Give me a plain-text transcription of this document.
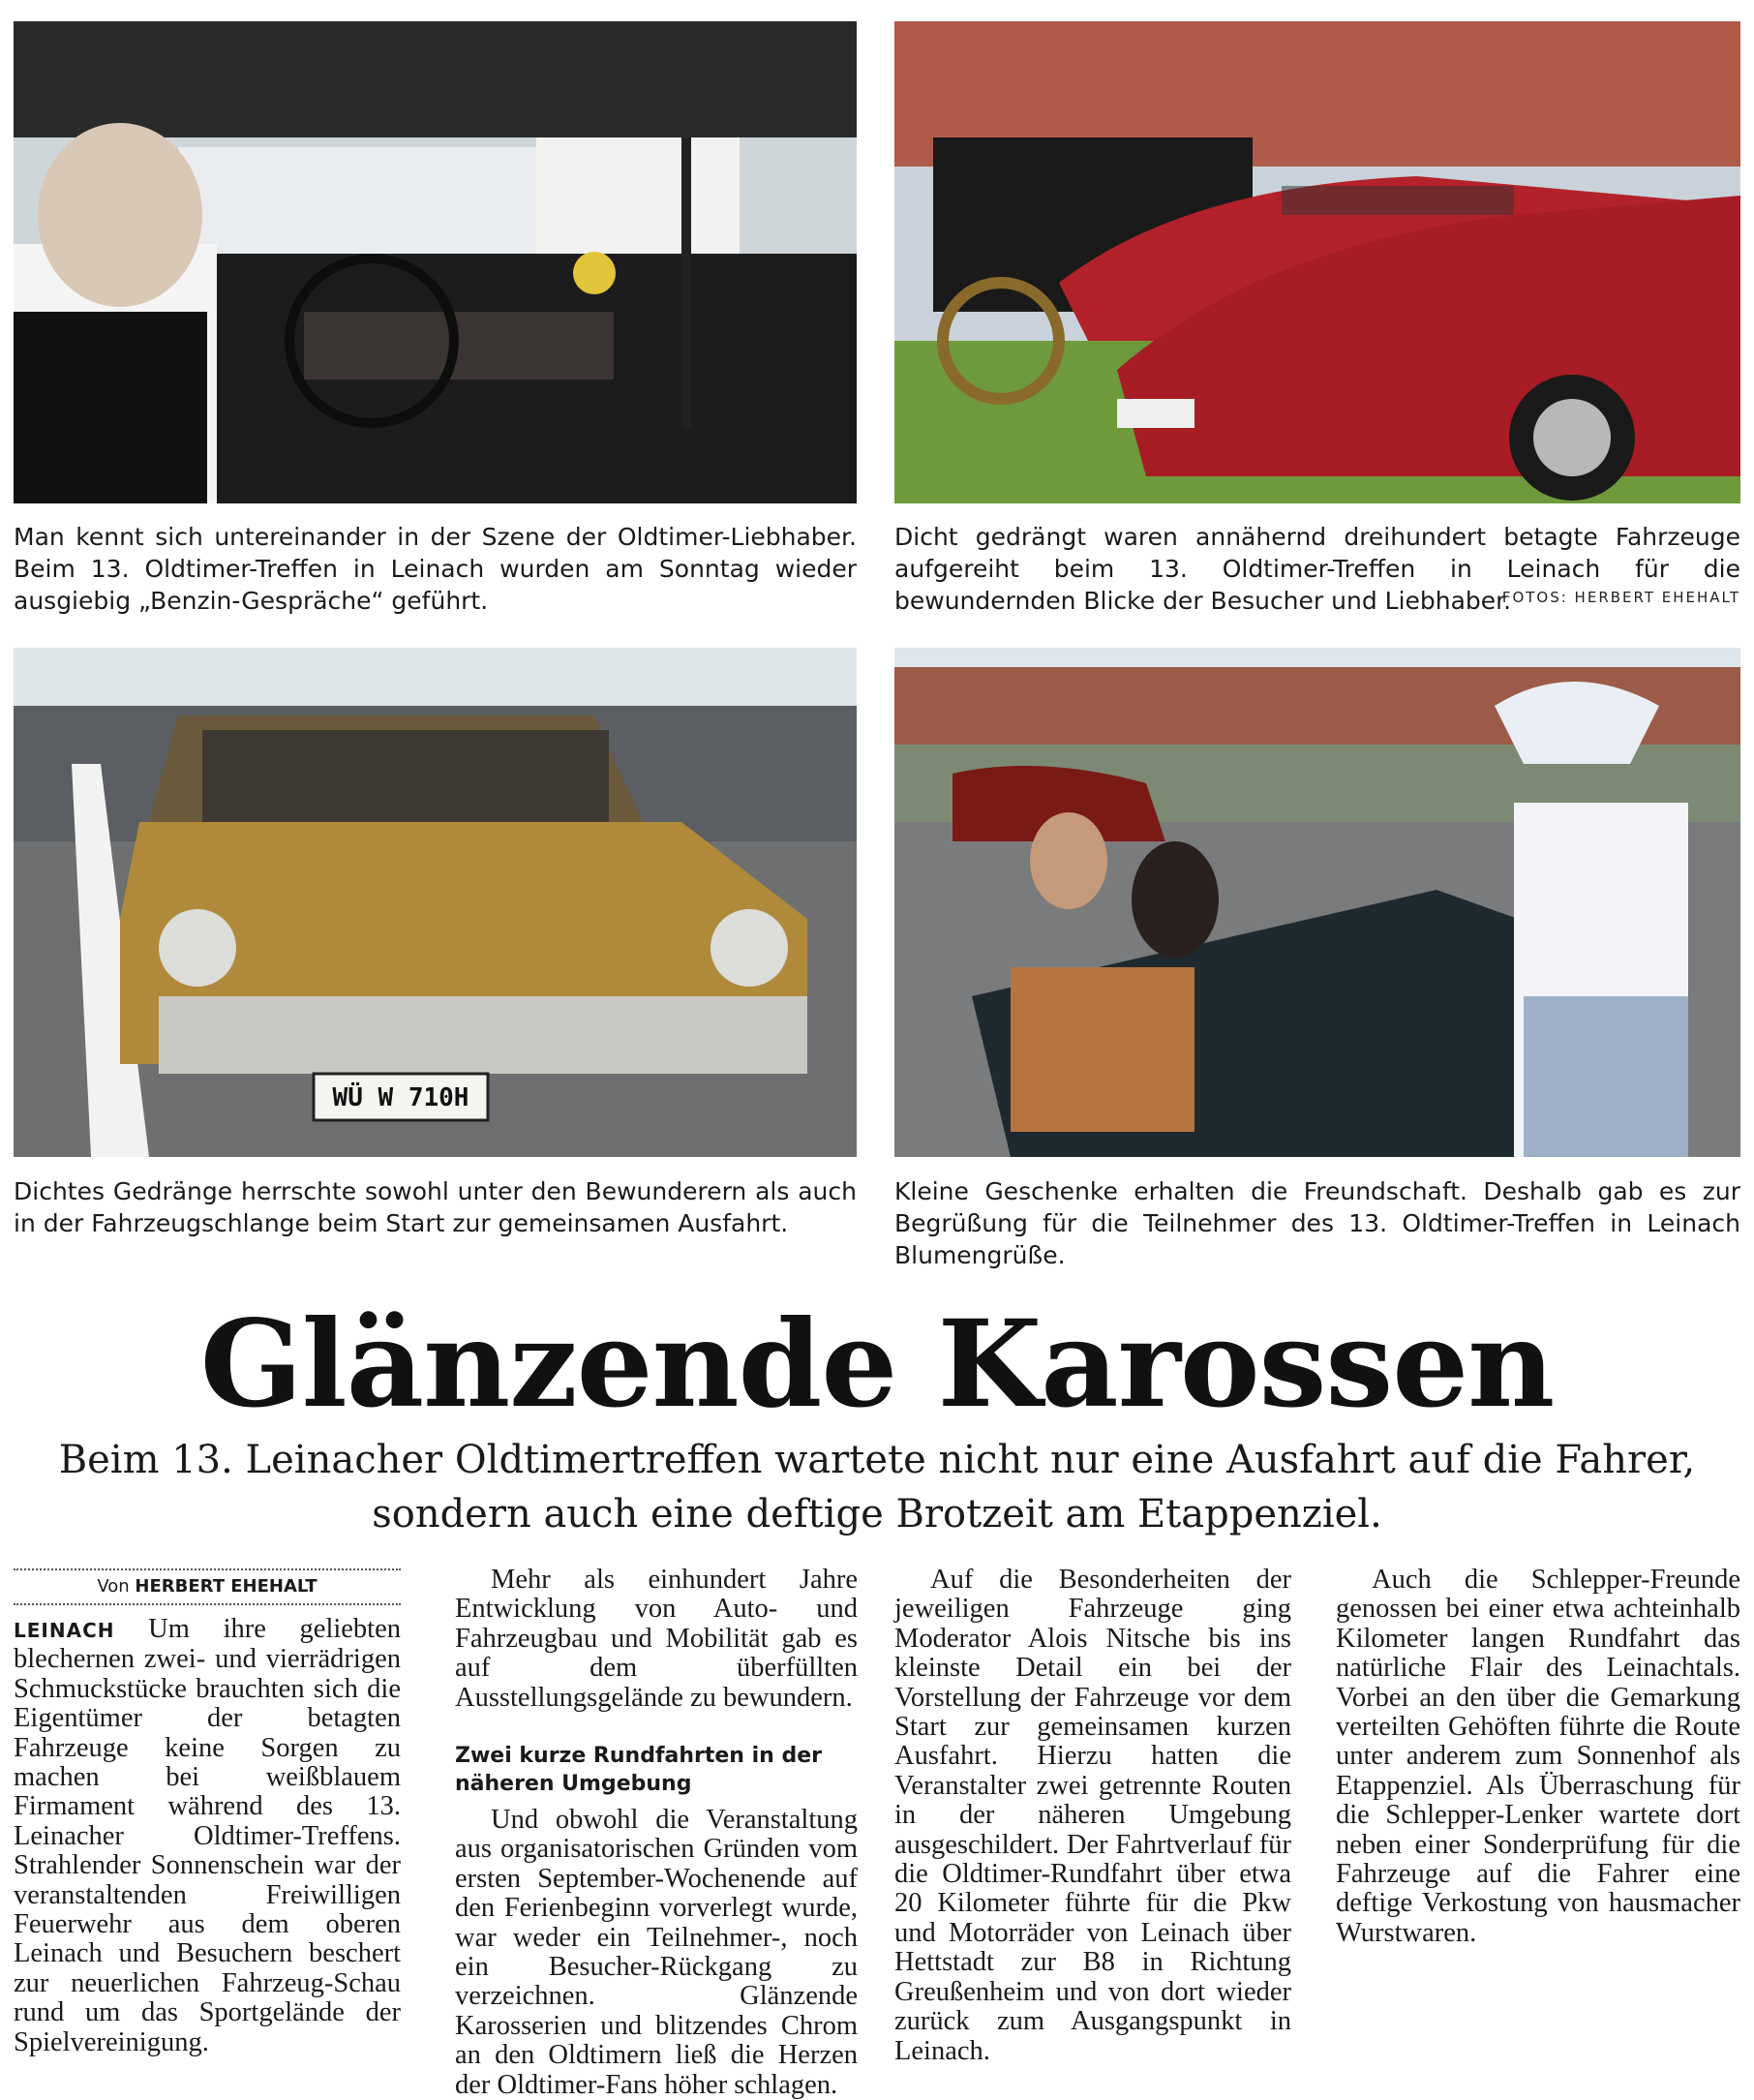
Man kennt sich untereinander in der Szene der Oldtimer-Liebhaber. Beim 13. Oldtimer-Treffen in Leinach wurden am Sonntag wieder ausgiebig „Benzin-Gespräche“ geführt.
Dicht gedrängt waren annähernd dreihundert betagte Fahrzeuge aufgereiht beim 13. Oldtimer-Treffen in Leinach für die bewundernden Blicke der Besucher und Liebhaber.
FOTOS: HERBERT EHEHALT
WÜ W 710H
Dichtes Gedränge herrschte sowohl unter den Bewunderern als auch in der Fahrzeugschlange beim Start zur gemeinsamen Ausfahrt.
Kleine Geschenke erhalten die Freundschaft. Deshalb gab es zur Begrüßung für die Teilnehmer des 13. Oldtimer-Treffen in Leinach Blumengrüße.
Glänzende Karossen
Beim 13. Leinacher Oldtimertreffen wartete nicht nur eine Ausfahrt auf die Fahrer, sondern auch eine deftige Brotzeit am Etappenziel.
Von HERBERT EHEHALT

LEINACH Um ihre geliebten blechernen zwei- und vierrädrigen Schmuckstücke brauchten sich die Eigentümer der betagten Fahrzeuge keine Sorgen zu machen bei weißblauem Firmament während des 13. Leinacher Oldtimer-Treffens. Strahlender Sonnenschein war der veranstaltenden Freiwilligen Feuerwehr aus dem oberen Leinach und Besuchern beschert zur neuerlichen Fahrzeug-Schau rund um das Sportgelände der Spielvereinigung.

Mehr als einhundert Jahre Entwicklung von Auto- und Fahrzeugbau und Mobilität gab es auf dem überfüllten Ausstellungsgelände zu bewundern.

Zwei kurze Rundfahrten in der näheren Umgebung

Und obwohl die Veranstaltung aus organisatorischen Gründen vom ersten September-Wochenende auf den Ferienbeginn vorverlegt wurde, war weder ein Teilnehmer-, noch ein Besucher-Rückgang zu verzeichnen. Glänzende Karosserien und blitzendes Chrom an den Oldtimern ließ die Herzen der Oldtimer-Fans höher schlagen.

Auf die Besonderheiten der jeweiligen Fahrzeuge ging Moderator Alois Nitsche bis ins kleinste Detail ein bei der Vorstellung der Fahrzeuge vor dem Start zur gemeinsamen kurzen Ausfahrt. Hierzu hatten die Veranstalter zwei getrennte Routen in der näheren Umgebung ausgeschildert. Der Fahrtverlauf für die Oldtimer-Rundfahrt über etwa 20 Kilometer führte für die Pkw und Motorräder von Leinach über Hettstadt zur B8 in Richtung Greußenheim und von dort wieder zurück zum Ausgangspunkt in Leinach.

Auch die Schlepper-Freunde genossen bei einer etwa achteinhalb Kilometer langen Rundfahrt das natürliche Flair des Leinachtals. Vorbei an den über die Gemarkung verteilten Gehöften führte die Route unter anderem zum Sonnenhof als Etappenziel. Als Überraschung für die Schlepper-Lenker wartete dort neben einer Sonderprüfung für die Fahrzeuge auf die Fahrer eine deftige Verkostung von hausmacher Wurstwaren.
